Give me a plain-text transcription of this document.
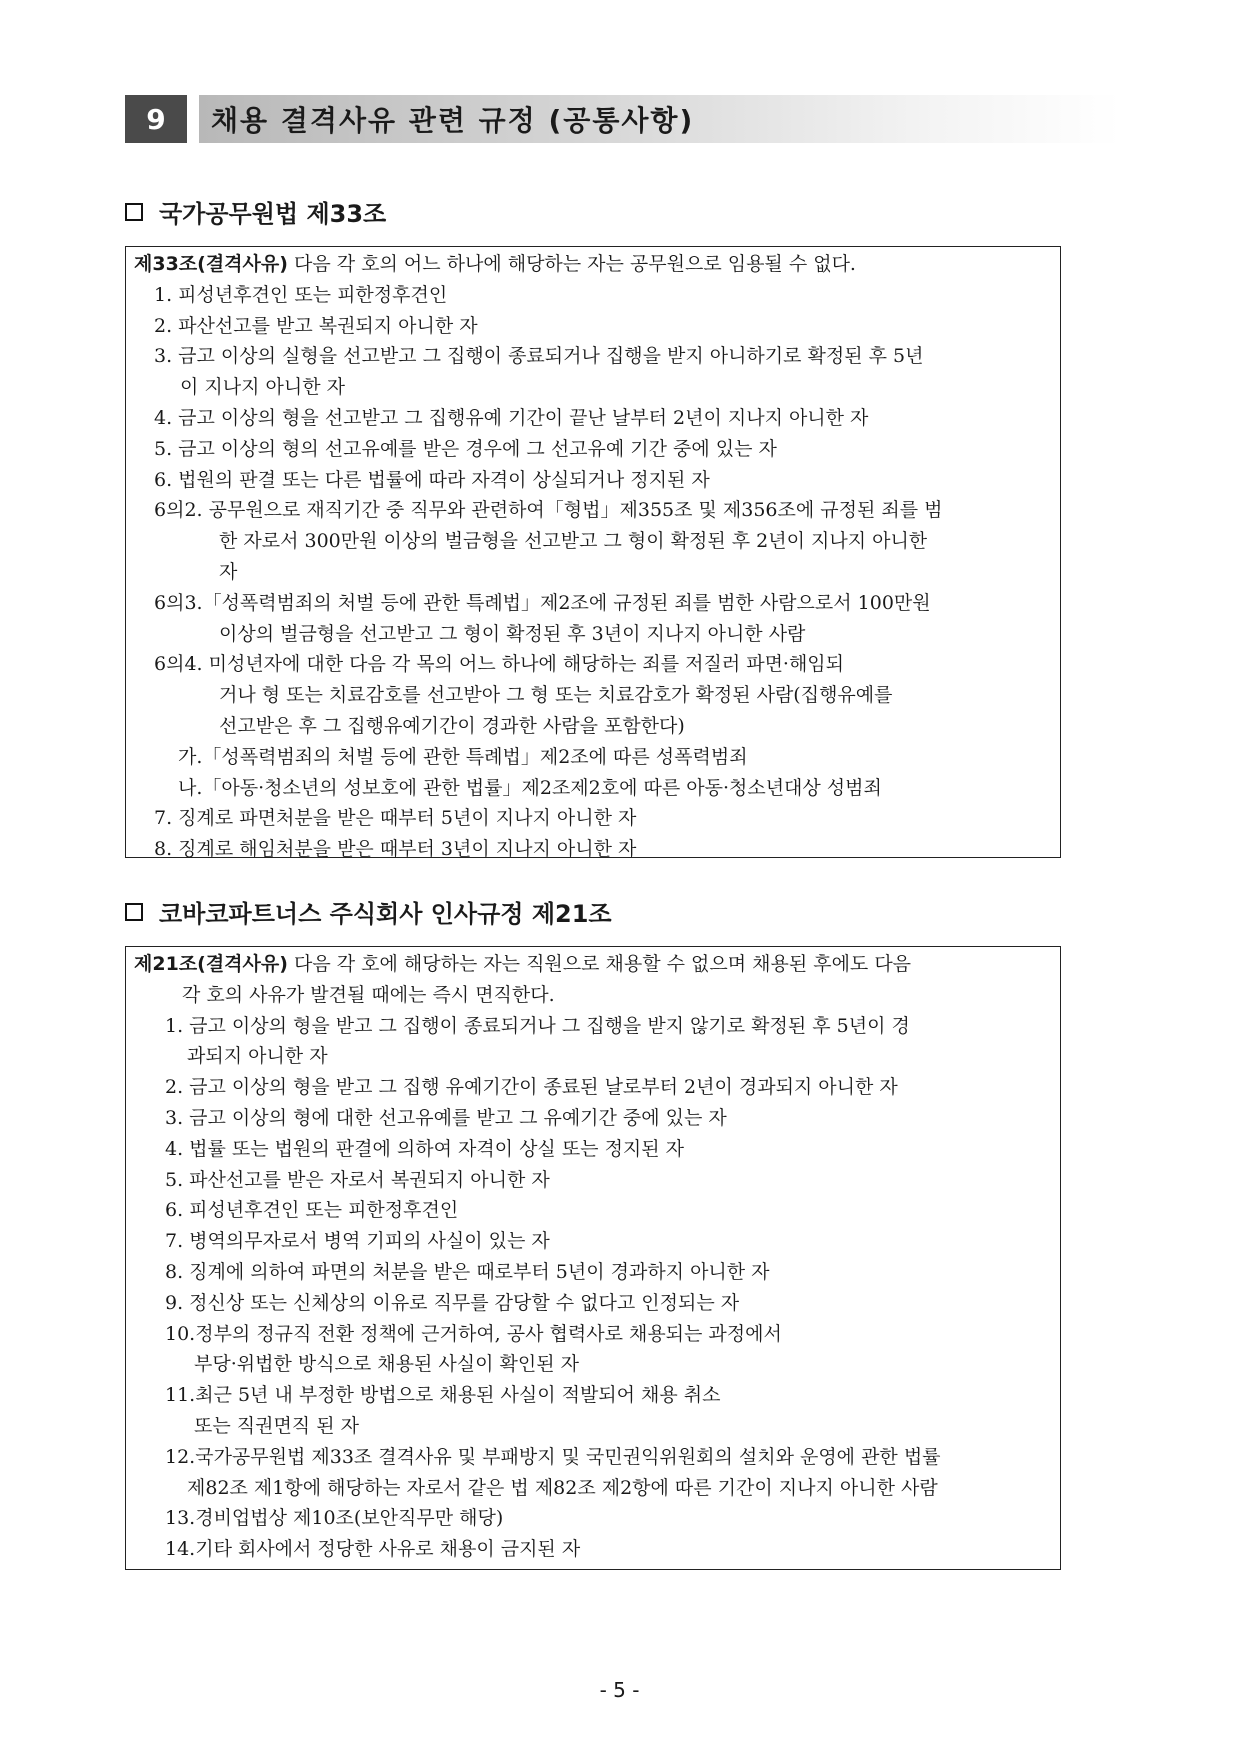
9	채용 결격사유 관련 규정 (공통사항)
국가공무원법 제33조
제33조(결격사유) 다음 각 호의 어느 하나에 해당하는 자는 공무원으로 임용될 수 없다.
1. 피성년후견인 또는 피한정후견인
2. 파산선고를 받고 복권되지 아니한 자
3. 금고 이상의 실형을 선고받고 그 집행이 종료되거나 집행을 받지 아니하기로 확정된 후 5년
이 지나지 아니한 자
4. 금고 이상의 형을 선고받고 그 집행유예 기간이 끝난 날부터 2년이 지나지 아니한 자
5. 금고 이상의 형의 선고유예를 받은 경우에 그 선고유예 기간 중에 있는 자
6. 법원의 판결 또는 다른 법률에 따라 자격이 상실되거나 정지된 자
6의2. 공무원으로 재직기간 중 직무와 관련하여「형법」제355조 및 제356조에 규정된 죄를 범
한 자로서 300만원 이상의 벌금형을 선고받고 그 형이 확정된 후 2년이 지나지 아니한
자
6의3.「성폭력범죄의 처벌 등에 관한 특례법」제2조에 규정된 죄를 범한 사람으로서 100만원
이상의 벌금형을 선고받고 그 형이 확정된 후 3년이 지나지 아니한 사람
6의4. 미성년자에 대한 다음 각 목의 어느 하나에 해당하는 죄를 저질러 파면·해임되
거나 형 또는 치료감호를 선고받아 그 형 또는 치료감호가 확정된 사람(집행유예를
선고받은 후 그 집행유예기간이 경과한 사람을 포함한다)
가.「성폭력범죄의 처벌 등에 관한 특례법」제2조에 따른 성폭력범죄
나.「아동·청소년의 성보호에 관한 법률」제2조제2호에 따른 아동·청소년대상 성범죄
7. 징계로 파면처분을 받은 때부터 5년이 지나지 아니한 자
8. 징계로 해임처분을 받은 때부터 3년이 지나지 아니한 자
코바코파트너스 주식회사 인사규정 제21조
제21조(결격사유) 다음 각 호에 해당하는 자는 직원으로 채용할 수 없으며 채용된 후에도 다음
각 호의 사유가 발견될 때에는 즉시 면직한다.
1. 금고 이상의 형을 받고 그 집행이 종료되거나 그 집행을 받지 않기로 확정된 후 5년이 경
과되지 아니한 자
2. 금고 이상의 형을 받고 그 집행 유예기간이 종료된 날로부터 2년이 경과되지 아니한 자
3. 금고 이상의 형에 대한 선고유예를 받고 그 유예기간 중에 있는 자
4. 법률 또는 법원의 판결에 의하여 자격이 상실 또는 정지된 자
5. 파산선고를 받은 자로서 복권되지 아니한 자
6. 피성년후견인 또는 피한정후견인
7. 병역의무자로서 병역 기피의 사실이 있는 자
8. 징계에 의하여 파면의 처분을 받은 때로부터 5년이 경과하지 아니한 자
9. 정신상 또는 신체상의 이유로 직무를 감당할 수 없다고 인정되는 자
10.정부의 정규직 전환 정책에 근거하여, 공사 협력사로 채용되는 과정에서
부당·위법한 방식으로 채용된 사실이 확인된 자
11.최근 5년 내 부정한 방법으로 채용된 사실이 적발되어 채용 취소
또는 직권면직 된 자
12.국가공무원법 제33조 결격사유 및 부패방지 및 국민권익위원회의 설치와 운영에 관한 법률
제82조 제1항에 해당하는 자로서 같은 법 제82조 제2항에 따른 기간이 지나지 아니한 사람
13.경비업법상 제10조(보안직무만 해당)
14.기타 회사에서 정당한 사유로 채용이 금지된 자
- 5 -
